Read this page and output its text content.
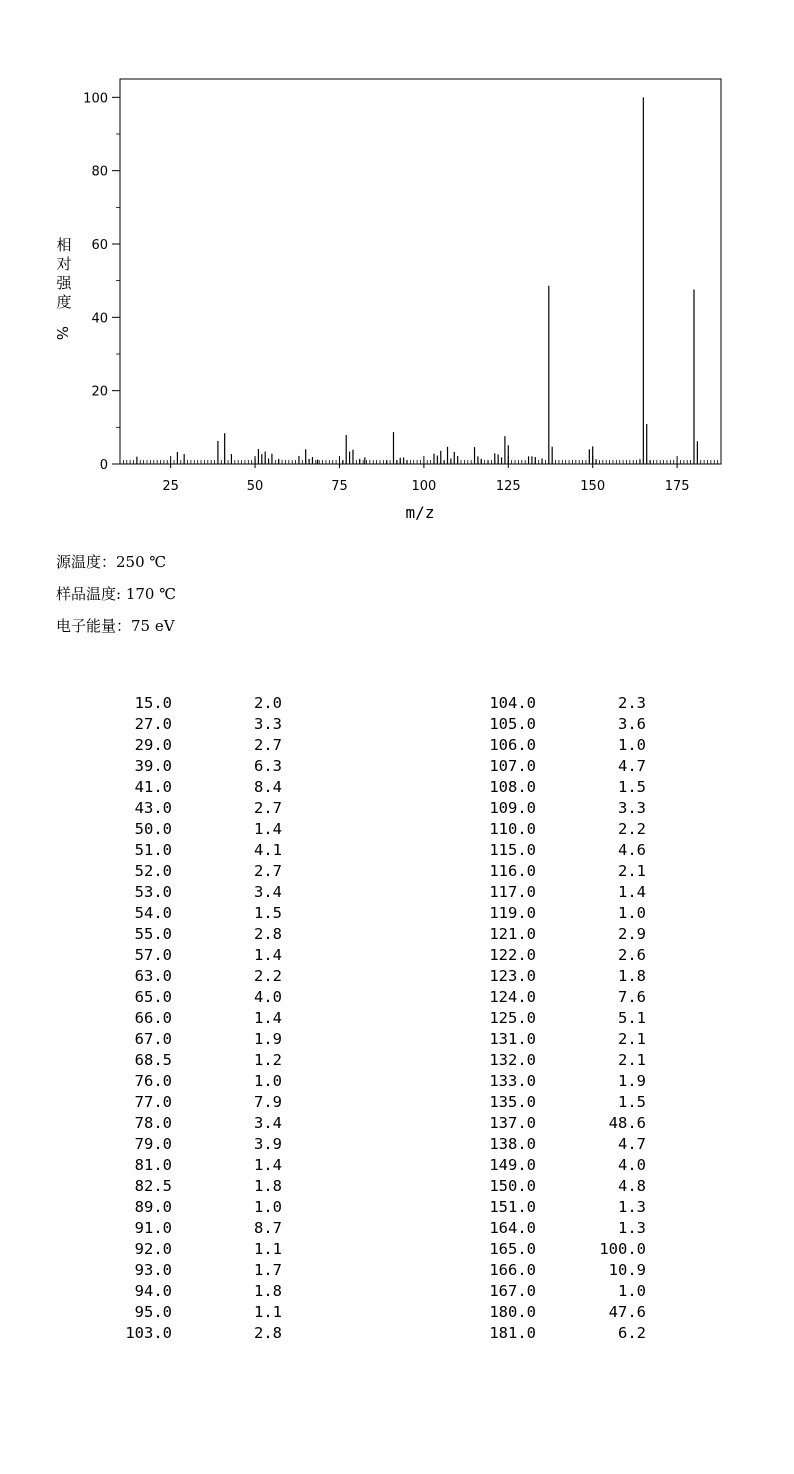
25	50	75	100	125	150	175
0
20
40
60
80
100
m/z
相对强度%
源温度：250 ℃
样品温度: 170 ℃
电子能量：75 eV
15.0	2.0
27.0	3.3
29.0	2.7
39.0	6.3
41.0	8.4
43.0	2.7
50.0	1.4
51.0	4.1
52.0	2.7
53.0	3.4
54.0	1.5
55.0	2.8
57.0	1.4
63.0	2.2
65.0	4.0
66.0	1.4
67.0	1.9
68.5	1.2
76.0	1.0
77.0	7.9
78.0	3.4
79.0	3.9
81.0	1.4
82.5	1.8
89.0	1.0
91.0	8.7
92.0	1.1
93.0	1.7
94.0	1.8
95.0	1.1
103.0	2.8
104.0	2.3
105.0	3.6
106.0	1.0
107.0	4.7
108.0	1.5
109.0	3.3
110.0	2.2
115.0	4.6
116.0	2.1
117.0	1.4
119.0	1.0
121.0	2.9
122.0	2.6
123.0	1.8
124.0	7.6
125.0	5.1
131.0	2.1
132.0	2.1
133.0	1.9
135.0	1.5
137.0	48.6
138.0	4.7
149.0	4.0
150.0	4.8
151.0	1.3
164.0	1.3
165.0	100.0
166.0	10.9
167.0	1.0
180.0	47.6
181.0	6.2
